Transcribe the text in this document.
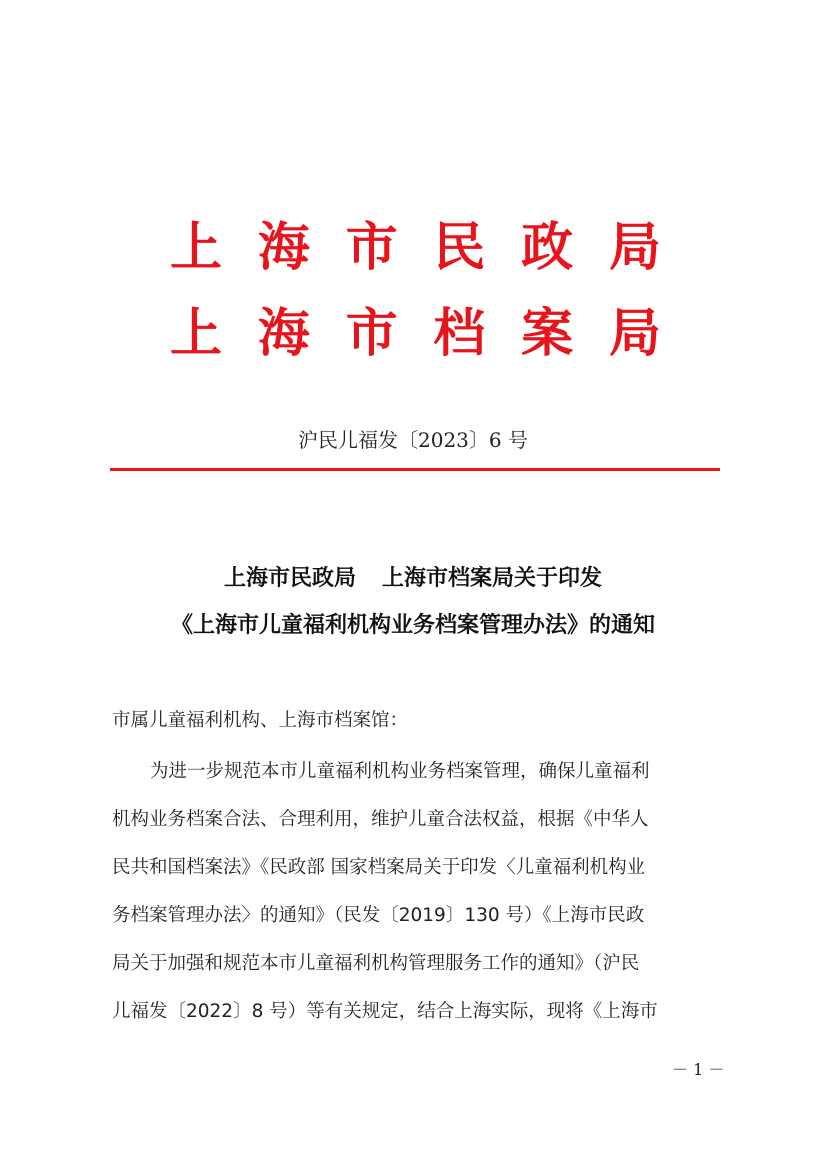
上 海 市 民 政 局
上 海 市 档 案 局
沪民儿福发〔2023〕6 号
上海市民政局 上海市档案局关于印发
《上海市儿童福利机构业务档案管理办法》的通知
市属儿童福利机构、上海市档案馆：
为进一步规范本市儿童福利机构业务档案管理，确保儿童福利
机构业务档案合法、合理利用，维护儿童合法权益，根据《中华人
民共和国档案法》《民政部 国家档案局关于印发〈儿童福利机构业
务档案管理办法〉的通知》（民发〔2019〕130 号）《上海市民政
局关于加强和规范本市儿童福利机构管理服务工作的通知》（沪民
儿福发〔2022〕8 号）等有关规定，结合上海实际，现将《上海市
－ 1 －
